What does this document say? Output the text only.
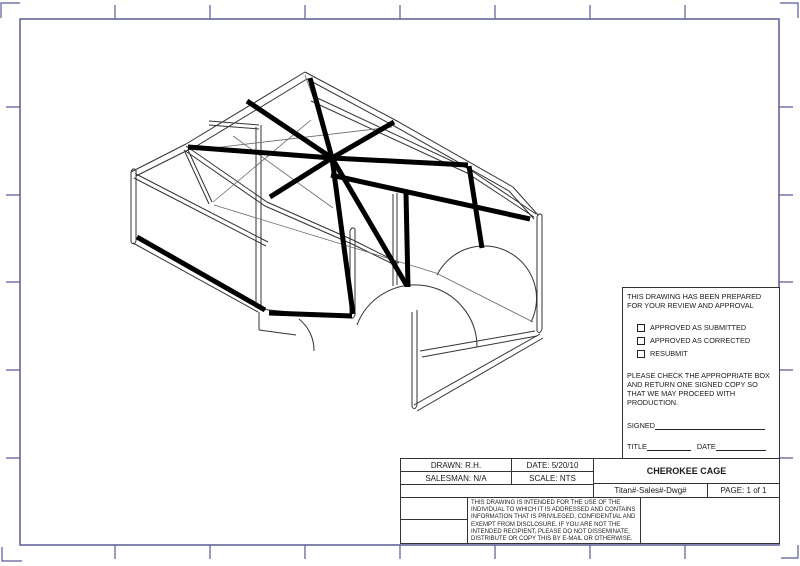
THIS DRAWING HAS BEEN PREPARED FOR YOUR REVIEW AND APPROVAL
APPROVED AS SUBMITTED
APPROVED AS CORRECTED
RESUBMIT
PLEASE CHECK THE APPROPRIATE BOX AND RETURN ONE SIGNED COPY SO THAT WE MAY PROCEED WITH PRODUCTION.
SIGNED
TITLE	DATE
DRAWN: R.H.	DATE: 5/20/10
SALESMAN: N/A	SCALE: NTS
CHEROKEE CAGE
Titan#-Sales#-Dwg#	PAGE: 1 of 1
THIS DRAWING IS INTENDED FOR THE USE OF THE INDIVIDUAL TO WHICH IT IS ADDRESSED AND CONTAINS INFORMATION THAT IS PRIVILEGED, CONFIDENTIAL AND EXEMPT FROM DISCLOSURE. IF YOU ARE NOT THE INTENDED RECIPIENT, PLEASE DO NOT DISSEMINATE, DISTRIBUTE OR COPY THIS BY E-MAIL OR OTHERWISE.
